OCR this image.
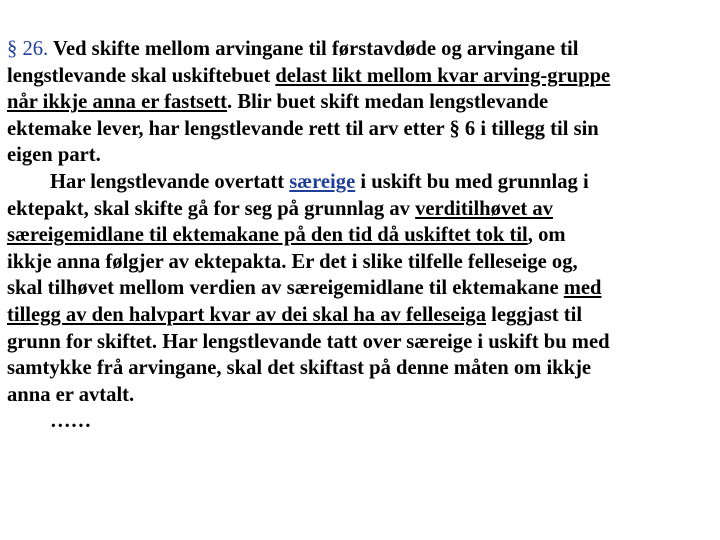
§ 26. Ved skifte mellom arvingane til førstavdøde og arvingane til
lengstlevande skal uskiftebuet delast likt mellom kvar arving-gruppe
når ikkje anna er fastsett. Blir buet skift medan lengstlevande
ektemake lever, har lengstlevande rett til arv etter § 6 i tillegg til sin
eigen part.
Har lengstlevande overtatt særeige i uskift bu med grunnlag i
ektepakt, skal skifte gå for seg på grunnlag av verditilhøvet av
særeigemidlane til ektemakane på den tid då uskiftet tok til, om
ikkje anna følgjer av ektepakta. Er det i slike tilfelle felleseige og,
skal tilhøvet mellom verdien av særeigemidlane til ektemakane med
tillegg av den halvpart kvar av dei skal ha av felleseiga leggjast til
grunn for skiftet. Har lengstlevande tatt over særeige i uskift bu med
samtykke frå arvingane, skal det skiftast på denne måten om ikkje
anna er avtalt.
……
